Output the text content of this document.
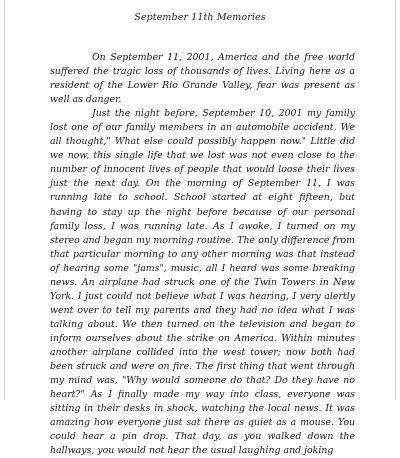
September 11th Memories

On September 11, 2001, America and the free world suffered the tragic loss of thousands of lives. Living here as a resident of the Lower Rio Grande Valley, fear was present as well as danger.

Just the night before, September 10, 2001 my family lost one of our family members in an automobile accident. We all thought," What else could possibly happen now." Little did we now, this single life that we lost was not even close to the number of innocent lives of people that would loose their lives just the next day. On the morning of September 11, I was running late to school. School started at eight fifteen, but having to stay up the night before because of our personal family loss, I was running late. As I awoke, I turned on my stereo and began my morning routine. The only difference from that particular morning to any other morning was that instead of hearing some "jams", music, all I heard was some breaking news. An airplane had struck one of the Twin Towers in New York. I just could not believe what I was hearing, I very alertly went over to tell my parents and they had no idea what I was talking about. We then turned on the television and began to inform ourselves about the strike on America. Within minutes another airplane collided into the west tower; now both had been struck and were on fire. The first thing that went through my mind was, "Why would someone do that? Do they have no heart?" As I finally made my way into class, everyone was sitting in their desks in shock, watching the local news. It was amazing how everyone just sat there as quiet as a mouse. You could hear a pin drop. That day, as you walked down the hallways, you would not hear the usual laughing and joking
